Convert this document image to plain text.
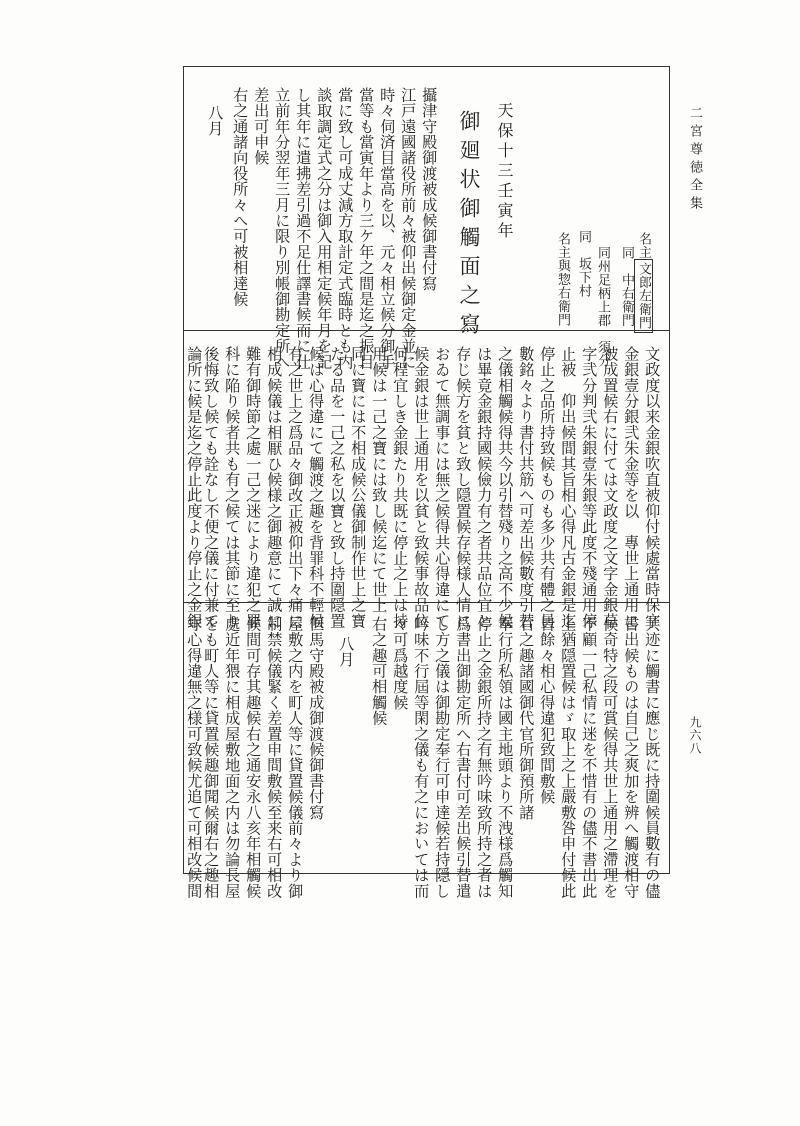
二宮尊徳全集
九六八
名主文郎左衛門
同　中右衛門
同州足柄上郡　須分
同　坂下村
名主與惣右衛門
天保十三壬寅年
御廻状御觸面之寫
攝津守殿御渡被成候御書付寫
江戸遠國諸役所前々被仰出候御定金並に
時々伺済目當高を以、元々相立候分御手
當等も當寅年より三ケ年之間是迄之振目
當に致し可成丈減方取計定式臨時とも内
談取調定式之分は御入用相定候年月を記
し其年に遣拂差引過不足仕譯書候而に仕
立前年分翌年三月に限り別帳御勘定所へ
差出可申候
右之通諸向役所々へ可被相達候
八月
文政度以来金銀吹直被仰付候處當時保字
金銀壹分銀弐朱金等を以　專世上通用に
被成置候右に付ては文政度之文字金銀草
字弐分判弐朱銀壹朱銀等此度不殘通用停
止被　仰出候間其旨相心得凡古金銀是迄
停止之品所持致候ものも多少共有體之員
數銘々より書付共筋へ可差出候數度引替
之儀相觸候得共今以引替殘り之高不少候
は畢竟金銀持國候儉力有之者共品位宜と
存じ候方を貧と致し隠置候存候様人情に
おゐて無調事には無之候得共心得違にて
候金銀は世上通用を以貧と致候事故品位
何程宜しき金銀たり共既に停止之上は持
用候は一己之寶には致し候迄にて世上一
同に寶には不相成候公儀御制作世上之寶
たる品を一己之私を以寶と致し持圍隠置
候は心得違にて觸渡之趣を背罪科不輕候
有之世上之爲品々御改正被仰出下々痛に
相成候儀は相厭ひ候様之御趣意にて誠に
難有御時節之處一己之迷により違犯之罪
科に陥り候者共も有之候ては其節に至り
後悔致し候ても詮なし不便之儀に付兼て
論所に候是迄之停止此度より停止之金銀
共迹に觸書に應じ既に持圍候員數有の儘
書出候ものは自己之爽加を辨へ觸渡相守
候奇特之段可賞候得共世上通用之滯理を
不顧一己私情に迷を不惜有の儘不書出此
上猶隠置候はゞ取上之上嚴敷咎申付候此
皆餘々相心得違犯致間敷候
右之趣諸國御代官所御預所諸
奉行所私領は國主地頭より不洩様爲觸知
停止之金銀所持之有無吟味致所持之者は
爲書出御勘定所へ右書付可差出候引替遣
し方之儀は御勘定奉行可申達候若持隠し
吟味不行屆等閑之儀も有之においては而
々可爲越度候
右之趣可相觸候
八月
但馬守殿被成御渡候御書付寫
屋敷之内を町人等に貸置候儀前々より御
制禁候儀緊く差置申間敷候至来右可相改
候間可存其趣候右之通安永八亥年相觸候
處近年猥に相成屋敷地面之内は勿論長屋
をも町人等に貸置候趣御聞候爾右之趣相
守心得違無之様可致候尤追て可相改候間
